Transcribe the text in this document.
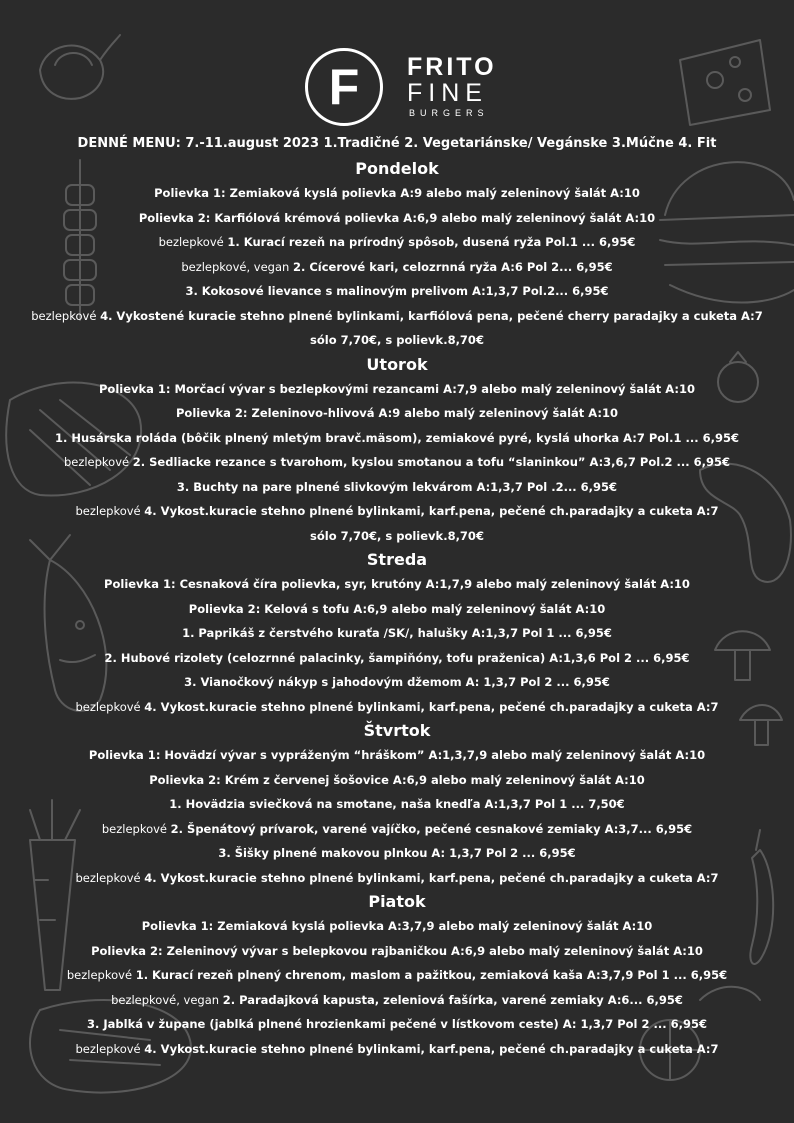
F	FRITO
FINE
BURGERS
DENNÉ MENU: 7.-11.august 2023 1.Tradičné 2. Vegetariánske/ Vegánske 3.Múčne 4. Fit
Pondelok
Polievka 1: Zemiaková kyslá polievka A:9 alebo malý zeleninový šalát A:10
Polievka 2: Karfiólová krémová polievka A:6,9 alebo malý zeleninový šalát A:10
bezlepkové 1. Kurací rezeň na prírodný spôsob, dusená ryža Pol.1 ... 6,95€
bezlepkové, vegan 2. Cícerové kari, celozrnná ryža A:6 Pol 2... 6,95€
3. Kokosové lievance s malinovým prelivom A:1,3,7 Pol.2... 6,95€
bezlepkové 4. Vykostené kuracie stehno plnené bylinkami, karfiólová pena, pečené cherry paradajky a cuketa A:7
sólo 7,70€, s polievk.8,70€
Utorok
Polievka 1: Morčací vývar s bezlepkovými rezancami A:7,9 alebo malý zeleninový šalát A:10
Polievka 2: Zeleninovo-hlivová A:9 alebo malý zeleninový šalát A:10
1. Husárska roláda (bôčik plnený mletým bravč.mäsom), zemiakové pyré, kyslá uhorka A:7 Pol.1 ... 6,95€
bezlepkové 2. Sedliacke rezance s tvarohom, kyslou smotanou a tofu “slaninkou” A:3,6,7 Pol.2 ... 6,95€
3. Buchty na pare plnené slivkovým lekvárom A:1,3,7 Pol .2... 6,95€
bezlepkové 4. Vykost.kuracie stehno plnené bylinkami, karf.pena, pečené ch.paradajky a cuketa A:7
sólo 7,70€, s polievk.8,70€
Streda
Polievka 1: Cesnaková číra polievka, syr, krutóny A:1,7,9 alebo malý zeleninový šalát A:10
Polievka 2: Kelová s tofu A:6,9 alebo malý zeleninový šalát A:10
1. Paprikáš z čerstvého kuraťa /SK/, halušky A:1,3,7 Pol 1 ... 6,95€
2. Hubové rizolety (celozrnné palacinky, šampiňóny, tofu praženica) A:1,3,6 Pol 2 ... 6,95€
3. Vianočkový nákyp s jahodovým džemom A: 1,3,7 Pol 2 ... 6,95€
bezlepkové 4. Vykost.kuracie stehno plnené bylinkami, karf.pena, pečené ch.paradajky a cuketa A:7
Štvrtok
Polievka 1: Hovädzí vývar s vypráženým “hráškom” A:1,3,7,9 alebo malý zeleninový šalát A:10
Polievka 2: Krém z červenej šošovice A:6,9 alebo malý zeleninový šalát A:10
1. Hovädzia sviečková na smotane, naša knedľa A:1,3,7 Pol 1 ... 7,50€
bezlepkové 2. Špenátový prívarok, varené vajíčko, pečené cesnakové zemiaky A:3,7... 6,95€
3. Šišky plnené makovou plnkou A: 1,3,7 Pol 2 ... 6,95€
bezlepkové 4. Vykost.kuracie stehno plnené bylinkami, karf.pena, pečené ch.paradajky a cuketa A:7
Piatok
Polievka 1: Zemiaková kyslá polievka A:3,7,9 alebo malý zeleninový šalát A:10
Polievka 2: Zeleninový vývar s belepkovou rajbaničkou A:6,9 alebo malý zeleninový šalát A:10
bezlepkové 1. Kurací rezeň plnený chrenom, maslom a pažitkou, zemiaková kaša A:3,7,9 Pol 1 ... 6,95€
bezlepkové, vegan 2. Paradajková kapusta, zeleniová fašírka, varené zemiaky A:6... 6,95€
3. Jablká v župane (jablká plnené hrozienkami pečené v lístkovom ceste) A: 1,3,7 Pol 2 ... 6,95€
bezlepkové 4. Vykost.kuracie stehno plnené bylinkami, karf.pena, pečené ch.paradajky a cuketa A:7
